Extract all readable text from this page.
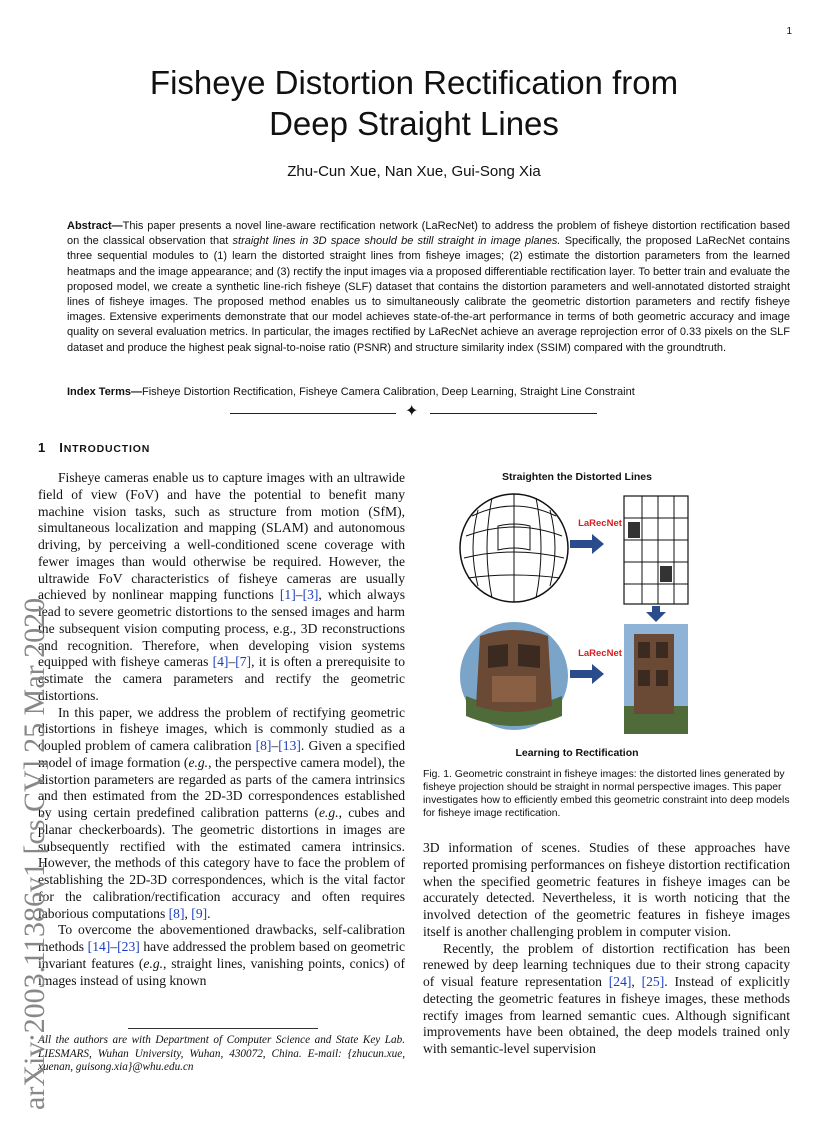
1
Fisheye Distortion Rectification from
Deep Straight Lines
Zhu-Cun Xue, Nan Xue, Gui-Song Xia

Abstract—This paper presents a novel line-aware rectification network (LaRecNet) to address the problem of fisheye distortion rectification based on the classical observation that straight lines in 3D space should be still straight in image planes. Specifically, the proposed LaRecNet contains three sequential modules to (1) learn the distorted straight lines from fisheye images; (2) estimate the distortion parameters from the learned heatmaps and the image appearance; and (3) rectify the input images via a proposed differentiable rectification layer. To better train and evaluate the proposed model, we create a synthetic line-rich fisheye (SLF) dataset that contains the distortion parameters and well-annotated distorted straight lines of fisheye images. The proposed method enables us to simultaneously calibrate the geometric distortion parameters and rectify fisheye images. Extensive experiments demonstrate that our model achieves state-of-the-art performance in terms of both geometric accuracy and image quality on several evaluation metrics. In particular, the images rectified by LaRecNet achieve an average reprojection error of 0.33 pixels on the SLF dataset and produce the highest peak signal-to-noise ratio (PSNR) and structure similarity index (SSIM) compared with the groundtruth.

Index Terms—Fisheye Distortion Rectification, Fisheye Camera Calibration, Deep Learning, Straight Line Constraint
✦
1 INTRODUCTION

Fisheye cameras enable us to capture images with an ultrawide field of view (FoV) and have the potential to benefit many machine vision tasks, such as structure from motion (SfM), simultaneous localization and mapping (SLAM) and autonomous driving, by perceiving a well-conditioned scene coverage with fewer images than would otherwise be required. However, the ultrawide FoV characteristics of fisheye cameras are usually achieved by nonlinear mapping functions [1]–[3], which always lead to severe geometric distortions to the sensed images and harm the subsequent vision computing process, e.g., 3D reconstructions and recognition. Therefore, when developing vision systems equipped with fisheye cameras [4]–[7], it is often a prerequisite to estimate the camera parameters and rectify the geometric distortions.

In this paper, we address the problem of rectifying geometric distortions in fisheye images, which is commonly studied as a coupled problem of camera calibration [8]–[13]. Given a specified model of image formation (e.g., the perspective camera model), the distortion parameters are regarded as parts of the camera intrinsics and then estimated from the 2D-3D correspondences established by using certain predefined calibration patterns (e.g., cubes and planar checkerboards). The geometric distortions in images are subsequently rectified with the estimated camera intrinsics. However, the methods of this category have to face the problem of establishing the 2D-3D correspondences, which is the vital factor for the calibration/rectification accuracy and often requires laborious computations [8], [9].

To overcome the abovementioned drawbacks, self-calibration methods [14]–[23] have addressed the problem based on geometric invariant features (e.g., straight lines, vanishing points, conics) of images instead of using known

All the authors are with Department of Computer Science and State Key Lab. LIESMARS, Wuhan University, Wuhan, 430072, China. E-mail: {zhucun.xue, xuenan, guisong.xia}@whu.edu.cn

Straighten the Distorted Lines
LaRecNet
LaRecNet
Learning to Rectification

Fig. 1. Geometric constraint in fisheye images: the distorted lines generated by fisheye projection should be straight in normal perspective images. This paper investigates how to efficiently embed this geometric constraint into deep models for fisheye image rectification.

3D information of scenes. Studies of these approaches have reported promising performances on fisheye distortion rectification when the specified geometric features in fisheye images can be accurately detected. Nevertheless, it is worth noticing that the involved detection of the geometric features in fisheye images itself is another challenging problem in computer vision.

Recently, the problem of distortion rectification has been renewed by deep learning techniques due to their strong capacity of visual feature representation [24], [25]. Instead of explicitly detecting the geometric features in fisheye images, these methods rectify images from learned semantic cues. Although significant improvements have been obtained, the deep models trained only with semantic-level supervision

arXiv:2003.11386v1 [cs.CV] 25 Mar 2020
